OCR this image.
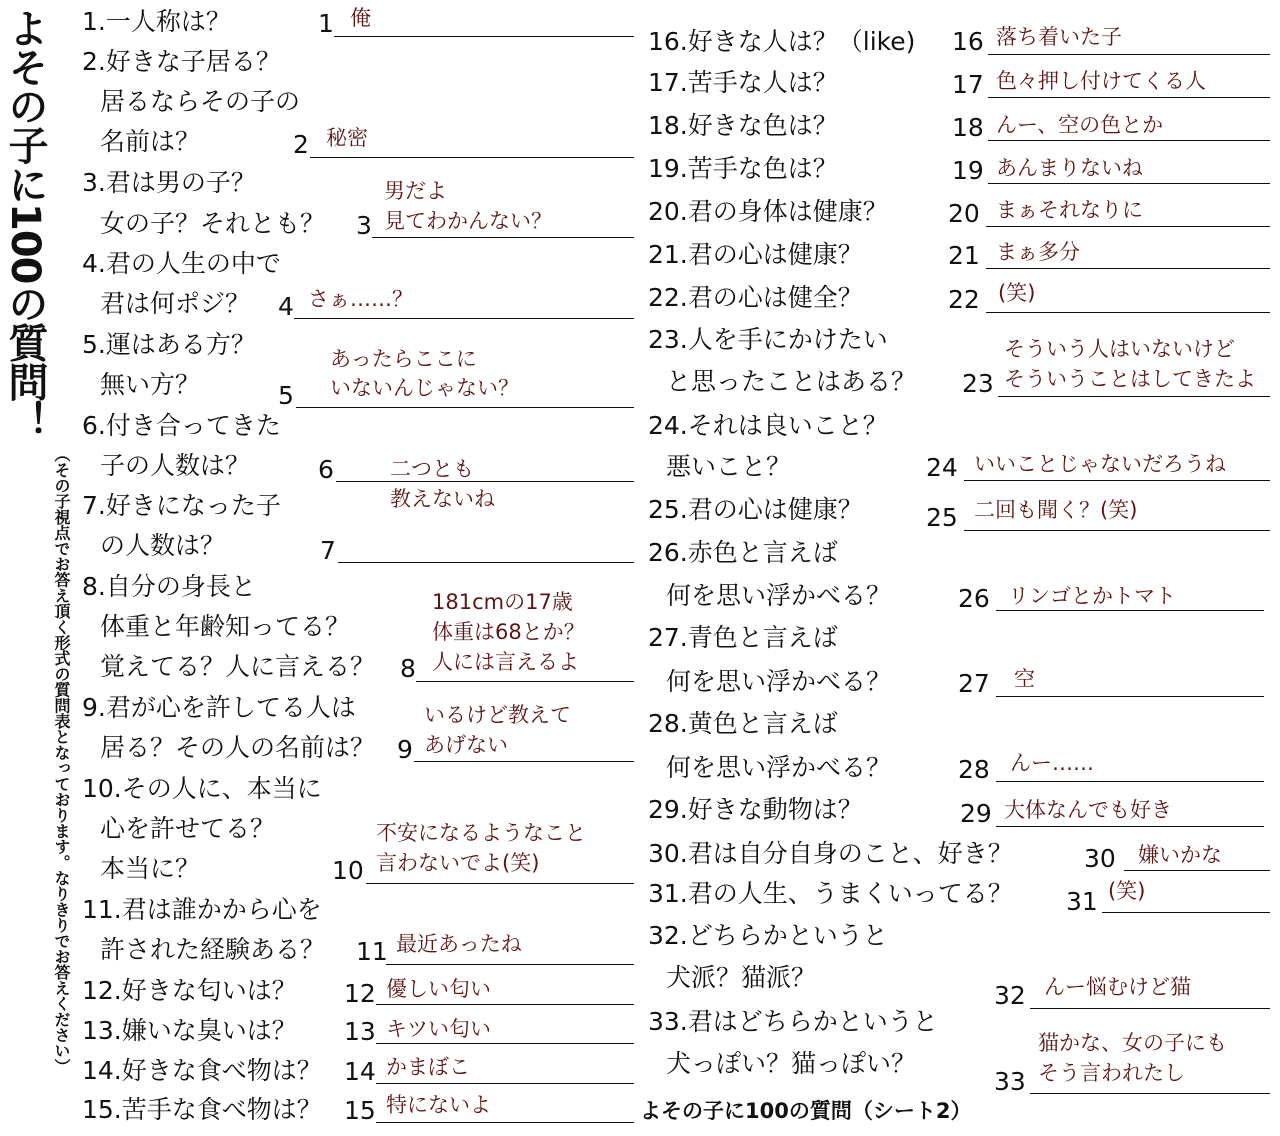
よその子に100の質問！
（その子視点でお答え頂く形式の質問表となっております。なりきりでお答えください）
1.一人称は？	1 俺
2.好きな子居る？
居るならその子の
名前は？	2 秘密
3.君は男の子？
女の子？それとも？ 3
男だよ
見てわかんない？
4.君の人生の中で
君は何ポジ？ 4 さぁ……？
5.運はある方？
無い方？	5
あったらここに
いないんじゃない？
6.付き合ってきた
子の人数は？	6	二つとも
教えないね
7.好きになった子
の人数は？	7
8.自分の身長と
体重と年齢知ってる？
覚えてる？人に言える？ 8
181cmの17歳
体重は68とか？
人には言えるよ
9.君が心を許してる人は
居る？その人の名前は？ 9
いるけど教えて
あげない
10.その人に、本当に
心を許せてる？
本当に？	10
不安になるようなこと
言わないでよ(笑)
11.君は誰かから心を
許された経験ある？ 11 最近あったね
12.好きな匂いは？ 12 優しい匂い
13.嫌いな臭いは？ 13 キツい匂い
14.好きな食べ物は？ 14 かまぼこ
15.苦手な食べ物は？ 15 特にないよ
16.好きな人は？（like) 16 落ち着いた子
17.苦手な人は？	17 色々押し付けてくる人
18.好きな色は？	18 んー、空の色とか
19.苦手な色は？	19 あんまりないね
20.君の身体は健康？ 20 まぁそれなりに
21.君の心は健康？	21 まぁ多分
22.君の心は健全？	22 (笑)
23.人を手にかけたい
と思ったことはある？ 23
そういう人はいないけど
そういうことはしてきたよ
24.それは良いこと？
悪いこと？	24 いいことじゃないだろうね
25.君の心は健康？	25 二回も聞く？(笑)
26.赤色と言えば
何を思い浮かべる？	26 リンゴとかトマト
27.青色と言えば
何を思い浮かべる？	27 空
28.黄色と言えば
何を思い浮かべる？	28 んー……
29.好きな動物は？	29 大体なんでも好き
30.君は自分自身のこと、好き？	30 嫌いかな
31.君の人生、うまくいってる？ 31 (笑)
32.どちらかというと
犬派？猫派？
32 んー悩むけど猫
33.君はどちらかというと
犬っぽい？猫っぽい？
33
猫かな、女の子にも
そう言われたし
よその子に100の質問（シート2）
